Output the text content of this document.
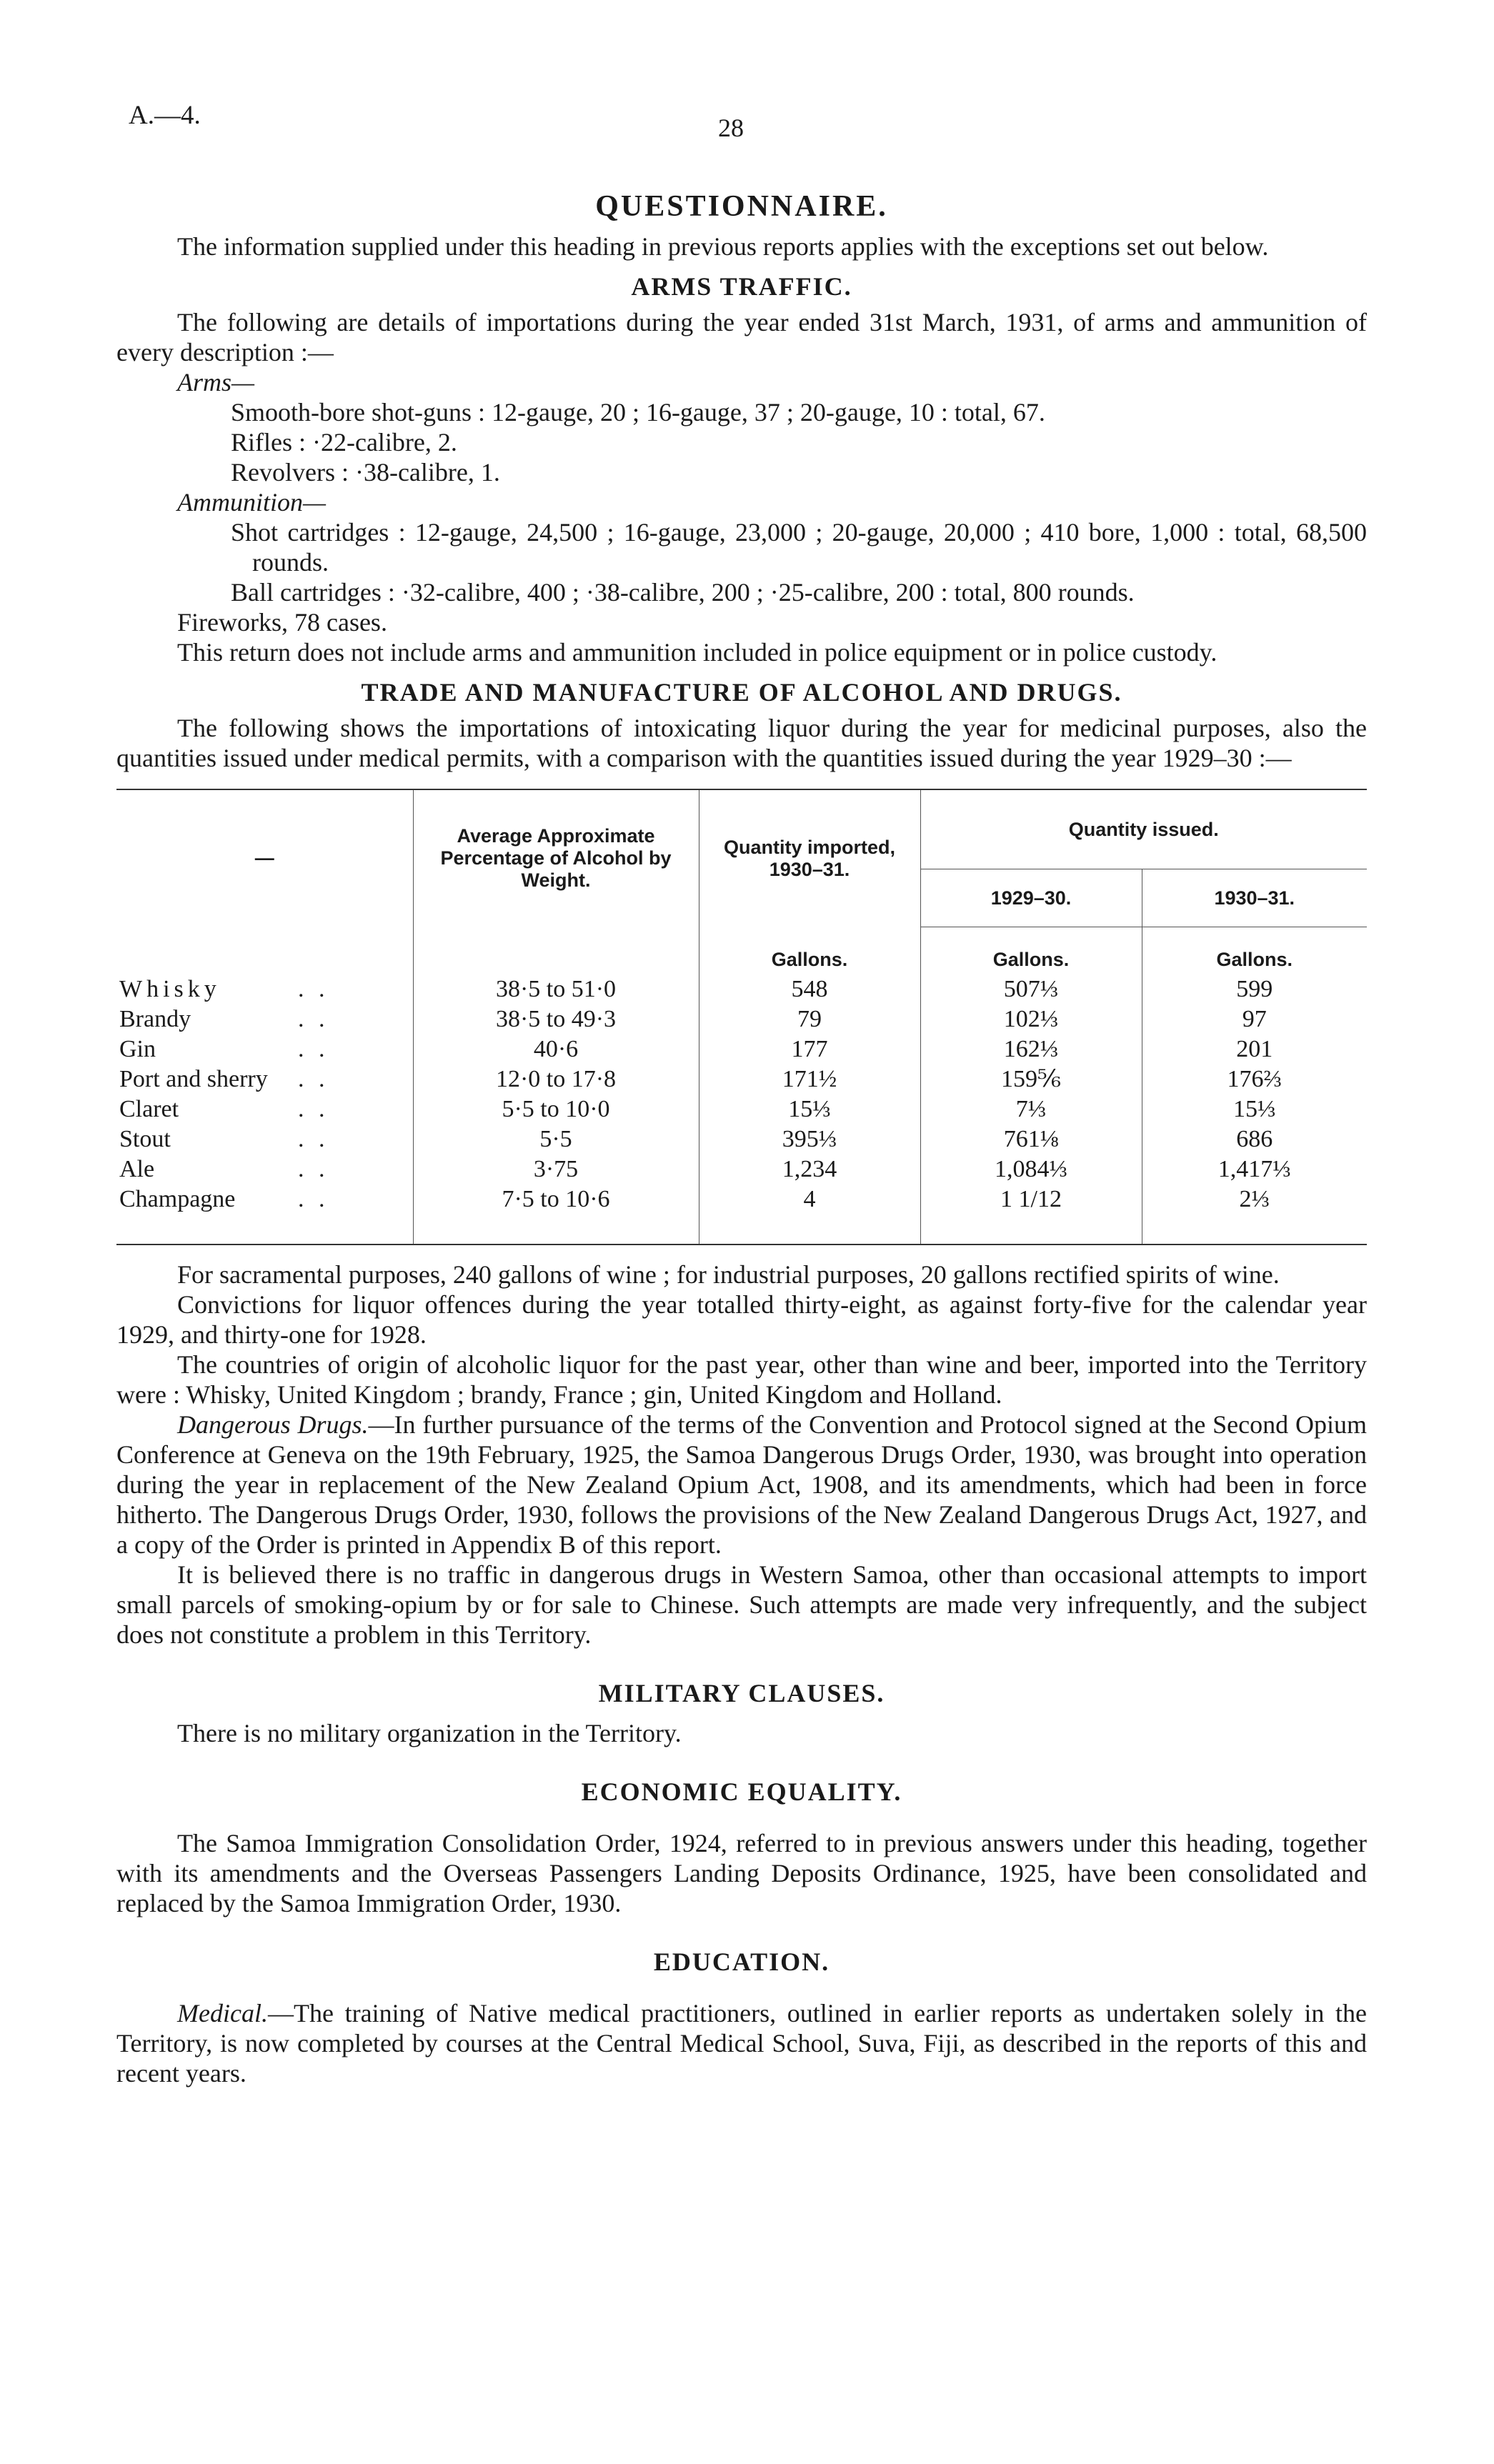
A.—4.	28
QUESTIONNAIRE.

The information supplied under this heading in previous reports applies with the exceptions set out below.

ARMS TRAFFIC.

The following are details of importations during the year ended 31st March, 1931, of arms and ammunition of every description :—

Arms—

Smooth-bore shot-guns : 12-gauge, 20 ; 16-gauge, 37 ; 20-gauge, 10 : total, 67.

Rifles : ·22-calibre, 2.

Revolvers : ·38-calibre, 1.

Ammunition—

Shot cartridges : 12-gauge, 24,500 ; 16-gauge, 23,000 ; 20-gauge, 20,000 ; 410 bore, 1,000 : total, 68,500 rounds.

Ball cartridges : ·32-calibre, 400 ; ·38-calibre, 200 ; ·25-calibre, 200 : total, 800 rounds.

Fireworks, 78 cases.

This return does not include arms and ammunition included in police equipment or in police custody.

TRADE AND MANUFACTURE OF ALCOHOL AND DRUGS.

The following shows the importations of intoxicating liquor during the year for medicinal purposes, also the quantities issued under medical permits, with a comparison with the quantities issued during the year 1929–30 :—

—	Average Approximate Percentage of Alcohol by Weight.	Quantity imported, 1930–31.	Quantity issued.	
			1929–30.	1930–31.
		Gallons.	Gallons.	Gallons.
Whisky . .	38·5 to 51·0	548	507⅓	599
Brandy . .	38·5 to 49·3	79	102⅓	97
Gin . .	40·6	177	162⅓	201
Port and sherry . .	12·0 to 17·8	171½	159⅚	176⅔
Claret . .	5·5 to 10·0	15⅓	7⅓	15⅓
Stout . .	5·5	395⅓	761⅛	686
Ale . .	3·75	1,234	1,084⅓	1,417⅓
Champagne . .	7·5 to 10·6	4	1 1/12	2⅓

For sacramental purposes, 240 gallons of wine ; for industrial purposes, 20 gallons rectified spirits of wine.

Convictions for liquor offences during the year totalled thirty-eight, as against forty-five for the calendar year 1929, and thirty-one for 1928.

The countries of origin of alcoholic liquor for the past year, other than wine and beer, imported into the Territory were : Whisky, United Kingdom ; brandy, France ; gin, United Kingdom and Holland.

Dangerous Drugs.—In further pursuance of the terms of the Convention and Protocol signed at the Second Opium Conference at Geneva on the 19th February, 1925, the Samoa Dangerous Drugs Order, 1930, was brought into operation during the year in replacement of the New Zealand Opium Act, 1908, and its amendments, which had been in force hitherto. The Dangerous Drugs Order, 1930, follows the provisions of the New Zealand Dangerous Drugs Act, 1927, and a copy of the Order is printed in Appendix B of this report.

It is believed there is no traffic in dangerous drugs in Western Samoa, other than occasional attempts to import small parcels of smoking-opium by or for sale to Chinese. Such attempts are made very infrequently, and the subject does not constitute a problem in this Territory.

MILITARY CLAUSES.

There is no military organization in the Territory.

ECONOMIC EQUALITY.

The Samoa Immigration Consolidation Order, 1924, referred to in previous answers under this heading, together with its amendments and the Overseas Passengers Landing Deposits Ordinance, 1925, have been consolidated and replaced by the Samoa Immigration Order, 1930.

EDUCATION.

Medical.—The training of Native medical practitioners, outlined in earlier reports as undertaken solely in the Territory, is now completed by courses at the Central Medical School, Suva, Fiji, as described in the reports of this and recent years.
